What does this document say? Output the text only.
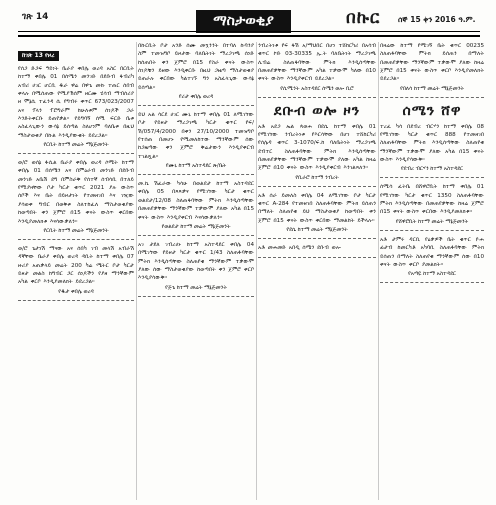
ገጽ 14	ማስታወቂያ	በኩር ሰኞ 15 ቀን 2016 ዓ.ም.
ከገጽ 13 የዞረ
የሰጋ ድጋፍ ዓይነት ቤራያ ቀበሌ ወረዳ አስር በርቢት ከተማ ቀበሌ 01 በሰሜን መንገድ በደቡብ ፋብሪካ አብሪ ሀገር ሆርቢ ዱራ ዋሬ በዋጌ መኩ ተጠር ሰበብ ቀላሉ በሚሰጠው የሚያኽሰም ዘርሙ ሂሳብ ማብሰሪያ ዘ ሞኔሲ ተፈንዳ ሲ የግብሩ ቀጥር 673/023/2007 አና ፕላን ፕሮግራም ከሁለቱም ሰነዶች ጋራ እንድትቀርቡ ይጠየቃል። የይግባኝ ሰሚ ፍርድ ቤቱ አስፈላጊውን ውሳኔ ይሰጣል ስለሆነም ባለቤቱ በዚህ ማስታወቂያ በኩል እንዲያውቁት ይደረጋል።
የርቢት ከተማ መሬት ማኔጅመንት
ወ/ሮ ወሰኔ ፋሲል ቤራያ ቀበሌ ወረዳ ሶሚት ከተማ ቀበሌ 01 በሰሜን አና በምዕራብ መንገድ በደቡብ መንገድ አቤሽ ደግ በምስራቅ የሰተኛ ሰብሳቢ በተለይ የሚያዛቸው ቦታ ካርታ ቁጥር 2021 ያሉ ውስጥ ሰቦች እና ቤት በይዞታነት የተመዘገበ እና ገዢው ያሳወቀ ግብር በወቅቱ ስለተከፈለ ማስታወቂያው ከወጣበት ቀን ጀምሮ በ15 ቀናት ውስጥ ቀርበው እንዲያመለክቱ እናሳውቃለን።
የርቢት ከተማ መሬት ማኔጅመንት
ወ/ሮ ጌታነሽ ማናው አና ሰበካ ገብ መላሽ አብራሽ ዳኛቸው ቤራያ ቀበሌ ወረዳ ዳቢት ከተማ ቀበሌ 07 ዙሪያ አጠቃላይ መሬት 200 ካሬ ሜትር ቦታ ካርታ ይዞታ መልስ ከግብር ጋር ሰነዶችን የያዘ ማንኛውም አካል ቀርቦ እንዲያመለክት ይደረጋል።
የዱታ ቀበሌ ወረዳ
በኩርቢት ቦታ አንድ ሰሙ መኳንንት በተባለ ኩባንያ ስም ተመዝግቦ ይዞታው ባለቤትነት ማረጋገጫ ሰነድ ከሰጠበት ቀን ጀምሮ በ15 የስራ ቀናት ውስጥ ሰነዶቹን ይዘው እንዲቀርቡ በዚህ ጋዜጣ ማስታወቂያ ይጠራሉ ቀርበው ካልተገኙ ግን አስፈላጊው ውሳኔ ይሰጣል።
የሪታ ቀበሌ ወረዳ
ይህ አል ሳርደ ሀገር ሙኒ ከተማ ቀበሌ 01 ለሚገኘው ቦታ የይዞታ ማረጋገጫ ካርታ ቁጥር የፍ/ሽ/057/4/2000 በቀን 27/10/2000 ተመዝግቦ የተሰጠ በመሆኑ የሚመለከተው ማንኛውም ሰው ከጋዜጣው ቀን ጀምሮ ቅሬታውን እንዲያቀርብ ተገልጿል።
የሙኒ ከተማ አስተዳደር ጽ/ቤት
መ.ኬ ሽፈራው ካሳሁ በወልደታ ከተማ አስተዳደር ቀበሌ 05 በጻጻቃና የሚገኘው ካርታ ቁጥር ወልደታ/12/08 ስለጠፋባቸው ምትክ እንዲሰጣቸው በመጠየቃቸው ማንኛውም ተቃውሞ ያለው አካል በ15 ቀናት ውስጥ እንዲያቀርብ እናሳውቃለን።
የወልደታ ከተማ መሬት ማኔጅመንት
አገ ታደለ ገብረሀኑ ከተማ አስተዳደር ቀበሌ 04 በሚገኘው የይዞታ ካርታ ቁጥር 1/43 ስለጠፋባቸው ምትክ እንዲሰጣቸው ስለጠየቁ ማንኛውም ተቃውሞ ያለው ሰው ማስታወቂያው ከወጣበት ቀን ጀምሮ ቀርቦ እንዲያሳውቅ።
የጅጌ ከተማ መሬት ማኔጅመንት
ንብረትነቱ የፍ ፋሽ አ/ማህበር በሆነ ተሸከርካሪ በአሳብ ቁጥር ኮድ 03-30335 ኢ.ት ባለቤትነት ማረጋገጫ ሊብሬ ስለጠፋባቸው ምትክ እንዲሰጣቸው በመጠየቃቸው ማንኛውም አካል ተቃውሞ ካለው በ10 ቀናት ውስጥ እንዲያቀርብ ይደረጋል።
የሲሚንት አስተዳደር ሰሜን ወሎ ቢሮ
ደቡብ ወሎ ዞን
አቶ አደጋ ኤል ጳወሐ በደሴ ከተማ ቀበሌ 01 የሚገኘው ንብረትነቱ የእርሳቸው በሆነ ተሸከርካሪ የሰሌዳ ቁጥር 3-1070/ፍ.ከ ባለቤትነት ማረጋገጫ ደብተር ስለጠፋባቸው ምትክ እንዲሰጣቸው በመጠየቃቸው ማንኛውም ተቃውሞ ያለው አካል ከዛሬ ጀምሮ በ10 ቀናት ውስጥ እንዲያቀርብ እንገልጻለን።
የቢራሮ ከተማ ንብረት
አቶ ሰራ ይመለስ ቀበሌ 04 ለሚገኘው ቦታ ካርታ ቁጥር A-284 የተመዘገበ ስለጠፋባቸው ምትክ ይሰጠን በማለት ስለጠየቁ ይህ ማስታወቂያ ከወጣበት ቀን ጀምሮ በ15 ቀናት ውስጥ ቀርበው ማመልከት ይችላሉ።
የደሴ ከተማ መሬት ማኔጅመንት
አቶ መሐመድ አበዲ ሰሜን ደቡብ ወሎ
በዛሬው ከተማ የሚገኝ ቤት ቁጥር 00235 ስለጠፋባቸው ምትክ ይሰጠን በማለት በመጠየቃቸው ማንኛውም ተቃውሞ ያለው ከዛሬ ጀምሮ በ15 ቀናት ውስጥ ቀርቦ እንዲያመለክት ይደረጋል።
የበለሳ ከተማ መሬት ማኔጅመንት
ሰሜን ሸዋ
ተረፈ ካሳ በደብረ ብርሃን ከተማ ቀበሌ 08 የሚገኘው ካርታ ቁጥር 888 የተመዘገበ ስለጠፋባቸው ምትክ እንዲሰጣቸው ስለጠየቁ ማንኛውም ተቃውሞ ያለው አካል በ15 ቀናት ውስጥ እንዲያሳውቅ።
የደብረ ብርሃን ከተማ አስተዳደር
ሰሚሳ ፈትቤ በሸዋሮቢት ከተማ ቀበሌ 01 የሚገኘው ካርታ ቁጥር 1350 ስለጠፋባቸው ምትክ እንዲሰጣቸው በመጠየቃቸው ከዛሬ ጀምሮ በ15 ቀናት ውስጥ ቀርበው እንዲያመለክቱ።
የሸዋሮቢት ከተማ መሬት ማኔጅመንት
አቶ ታምሩ ዳርቢ የዕቃዎች ቤት ቁጥር ዮሐ ፊታብ ከመርካቶ አካባቢ ስለጠፋባቸው ምትክ ይሰጠን በማለት ስለጠየቁ ማንኛውም ሰው በ10 ቀናት ውስጥ ቀርቦ ያመልክት።
የአጣዬ ከተማ አስተዳደር
